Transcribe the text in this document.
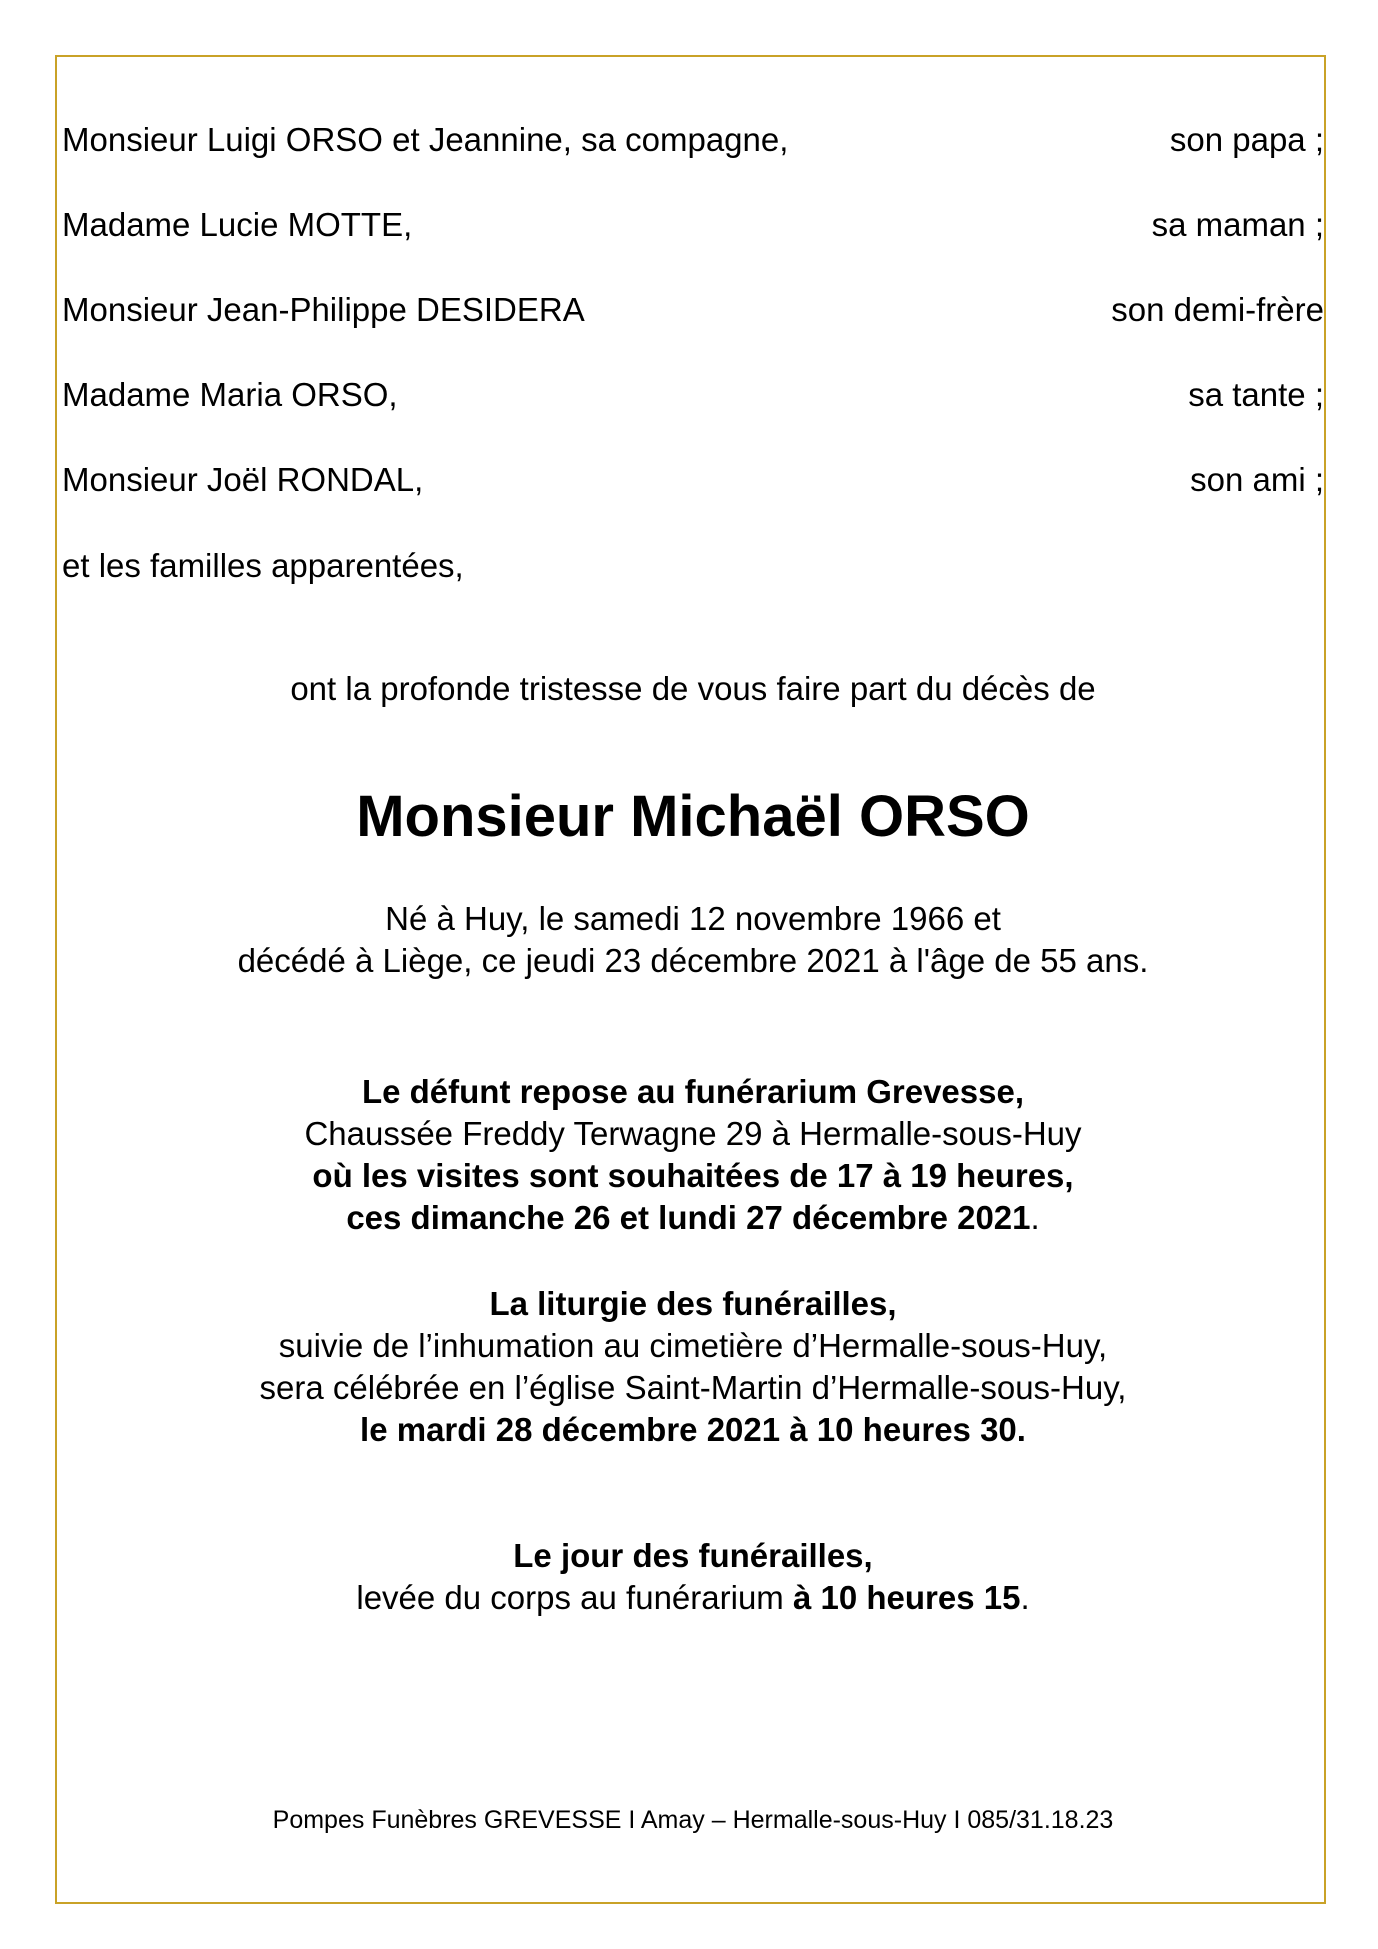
Monsieur Luigi ORSO et Jeannine, sa compagne,	son papa ;
Madame Lucie MOTTE,	sa maman ;
Monsieur Jean-Philippe DESIDERA	son demi-frère
Madame Maria ORSO,	sa tante ;
Monsieur Joël RONDAL,	son ami ;
et les familles apparentées,
ont la profonde tristesse de vous faire part du décès de
Monsieur Michaël ORSO
Né à Huy, le samedi 12 novembre 1966 et
décédé à Liège, ce jeudi 23 décembre 2021 à l'âge de 55 ans.
Le défunt repose au funérarium Grevesse,
Chaussée Freddy Terwagne 29 à Hermalle-sous-Huy
où les visites sont souhaitées de 17 à 19 heures,
ces dimanche 26 et lundi 27 décembre 2021.
La liturgie des funérailles,
suivie de l’inhumation au cimetière d’Hermalle-sous-Huy,
sera célébrée en l’église Saint-Martin d’Hermalle-sous-Huy,
le mardi 28 décembre 2021 à 10 heures 30.
Le jour des funérailles,
levée du corps au funérarium à 10 heures 15.
Pompes Funèbres GREVESSE I Amay – Hermalle-sous-Huy I 085/31.18.23
